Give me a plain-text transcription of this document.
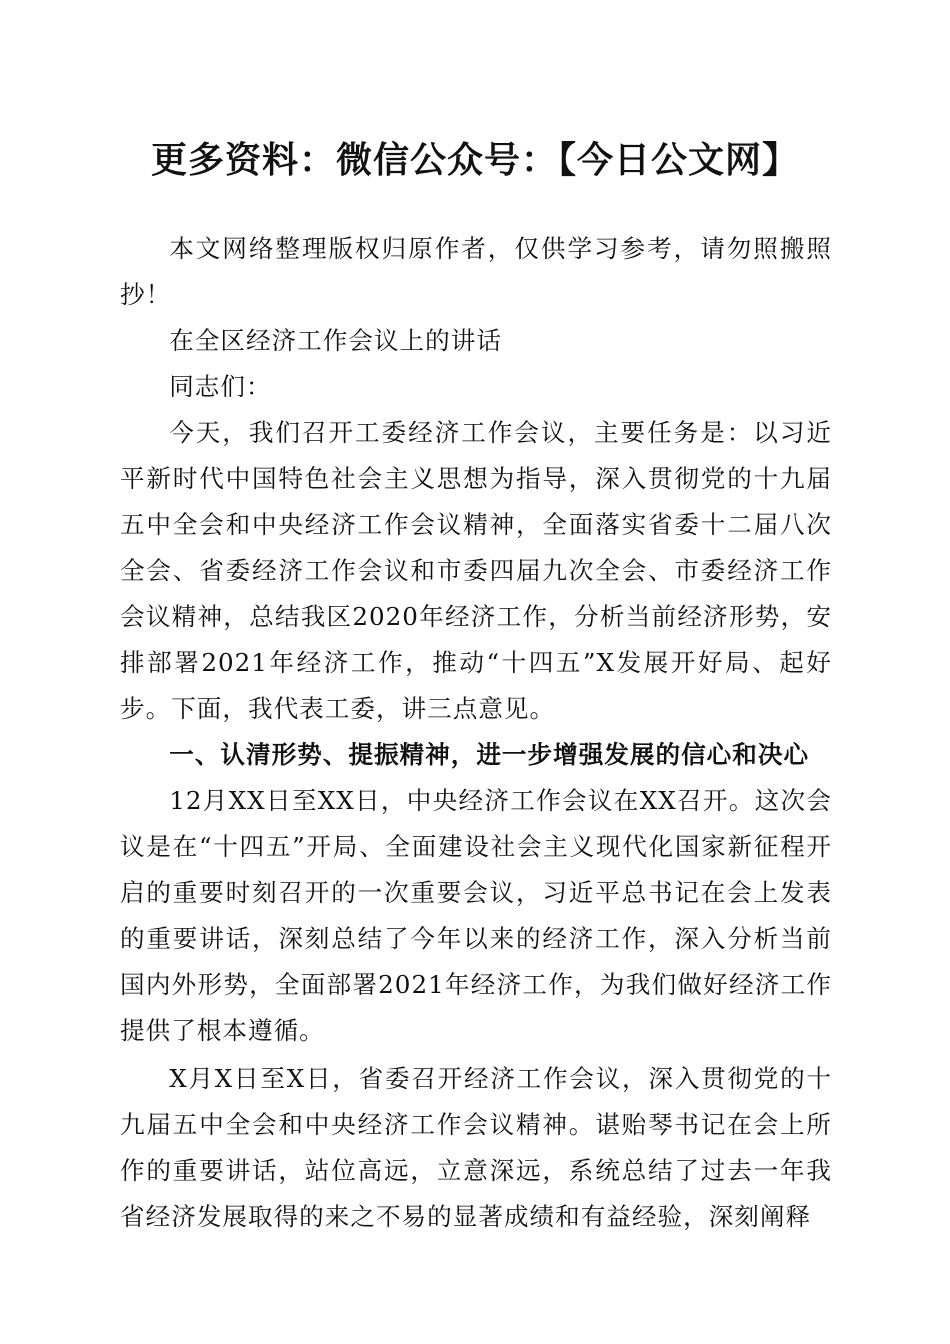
更多资料：微信公众号：【今日公文网】

本文网络整理版权归原作者，仅供学习参考，请勿照搬照抄！

在全区经济工作会议上的讲话

同志们：

今天，我们召开工委经济工作会议，主要任务是：以习近平新时代中国特色社会主义思想为指导，深入贯彻党的十九届五中全会和中央经济工作会议精神，全面落实省委十二届八次全会、省委经济工作会议和市委四届九次全会、市委经济工作会议精神，总结我区2020年经济工作，分析当前经济形势，安排部署2021年经济工作，推动“十四五”X发展开好局、起好步。下面，我代表工委，讲三点意见。

一、认清形势、提振精神，进一步增强发展的信心和决心

12月XX日至XX日，中央经济工作会议在XX召开。这次会议是在“十四五”开局、全面建设社会主义现代化国家新征程开启的重要时刻召开的一次重要会议，习近平总书记在会上发表的重要讲话，深刻总结了今年以来的经济工作，深入分析当前国内外形势，全面部署2021年经济工作，为我们做好经济工作提供了根本遵循。

X月X日至X日，省委召开经济工作会议，深入贯彻党的十九届五中全会和中央经济工作会议精神。谌贻琴书记在会上所作的重要讲话，站位高远，立意深远，系统总结了过去一年我省经济发展取得的来之不易的显著成绩和有益经验，深刻阐释
